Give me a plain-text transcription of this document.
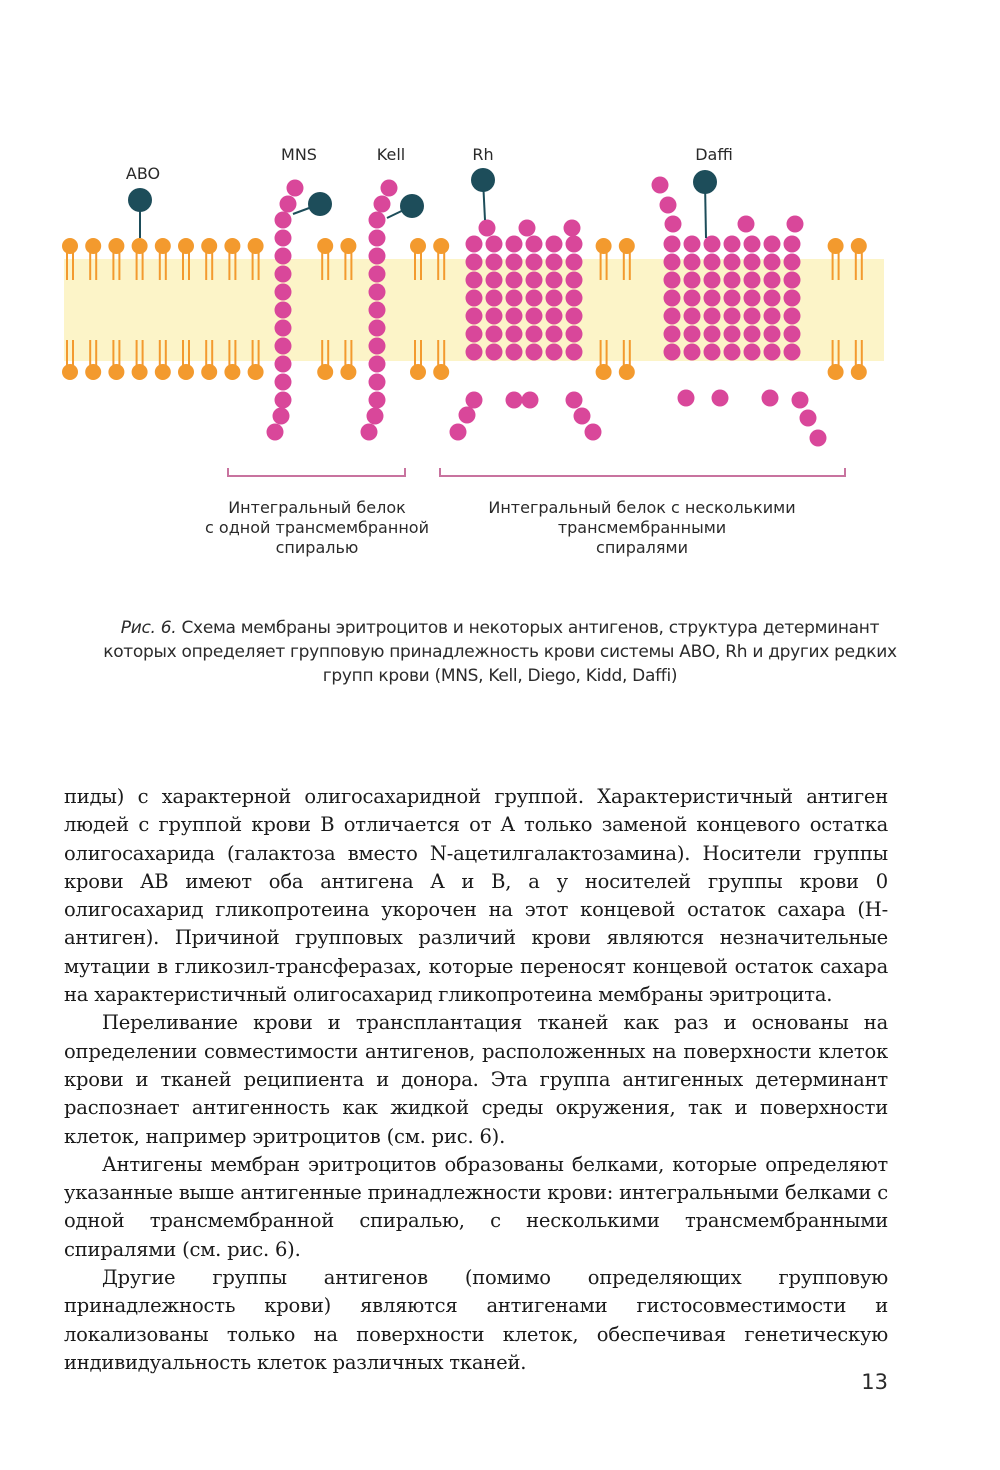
ABO
MNS	Kell	Rh	Daffi
Интегральный белок
с одной трансмембранной
спиралью
Интегральный белок с несколькими
трансмембранными
спиралями
Рис. 6. Схема мембраны эритроцитов и некоторых антигенов, структура детерминант которых определяет групповую принадлежность крови системы АВО, Rh и других редких групп крови (MNS, Kell, Diego, Kidd, Daffi)

пиды) с характерной олигосахаридной группой. Характеристичный антиген людей с группой крови B отличается от A только заменой концевого остатка олигосахарида (галактоза вместо N-ацетилгалактозамина). Носители группы крови AB имеют оба антигена A и B, а у носителей группы крови 0 олигосахарид гликопротеина укорочен на этот концевой остаток сахара (H-антиген). Причиной групповых различий крови являются незначительные мутации в гликозил-трансферазах, которые переносят концевой остаток сахара на характеристичный олигосахарид гликопротеина мембраны эритроцита.

Переливание крови и трансплантация тканей как раз и основаны на определении совместимости антигенов, расположенных на поверхности клеток крови и тканей реципиента и донора. Эта группа антигенных детерминант распознает антигенность как жидкой среды окружения, так и поверхности клеток, например эритроцитов (см. рис. 6).

Антигены мембран эритроцитов образованы белками, которые определяют указанные выше антигенные принадлежности крови: интегральными белками с одной трансмембранной спиралью, с несколькими трансмембранными спиралями (см. рис. 6).

Другие группы антигенов (помимо определяющих групповую принадлежность крови) являются антигенами гистосовместимости и локализованы только на поверхности клеток, обеспечивая генетическую индивидуальность клеток различных тканей.

13
